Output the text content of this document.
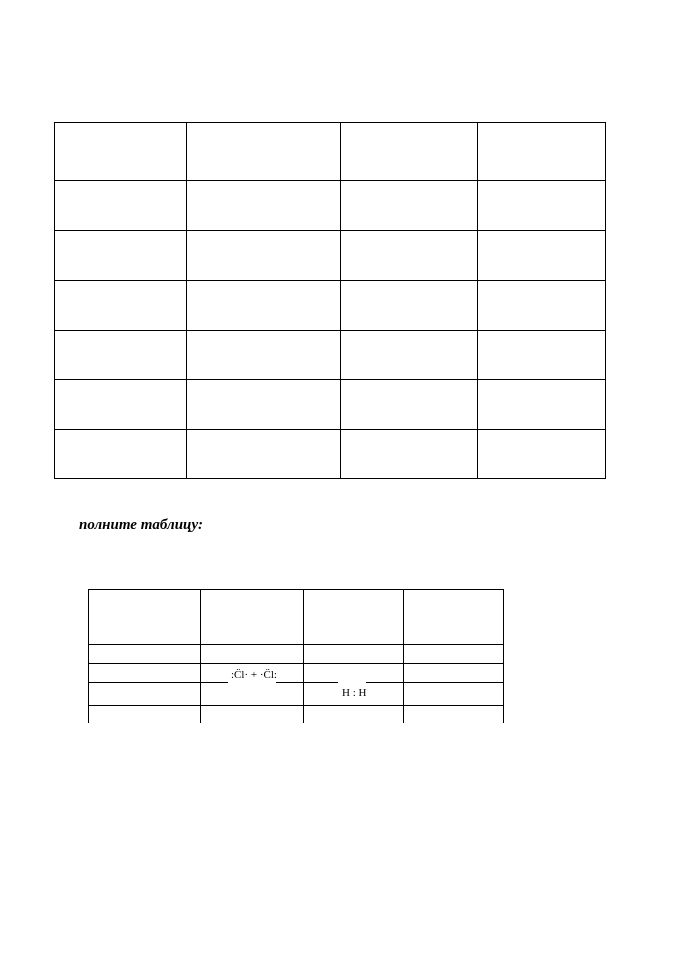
полните таблицу:
:C̈l· + ·C̈l:
H : H
